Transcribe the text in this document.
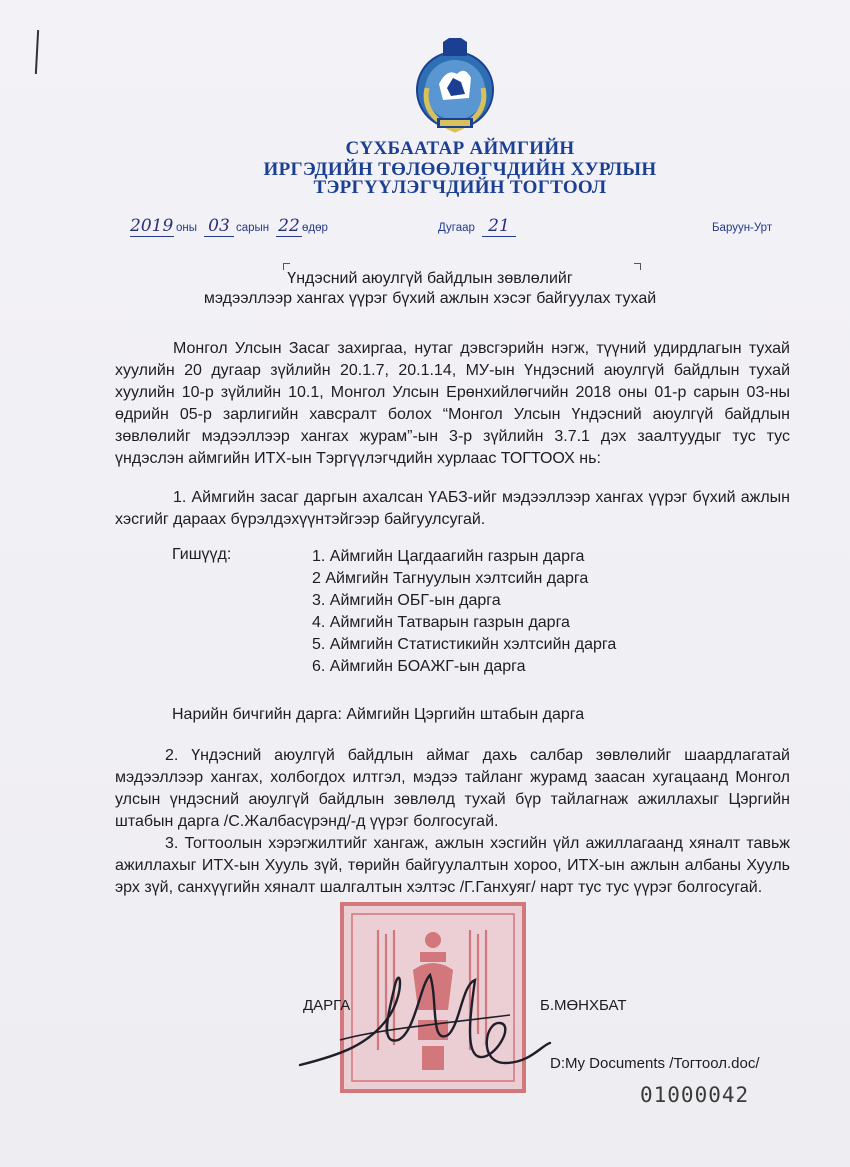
СҮХБААТАР АЙМГИЙН
ИРГЭДИЙН ТӨЛӨӨЛӨГЧДИЙН ХУРЛЫН
ТЭРГҮҮЛЭГЧДИЙН ТОГТООЛ
2019 оны 03 сарын 22 өдөр	Дугаар 21	Баруун-Урт
Үндэсний аюулгүй байдлын зөвлөлийг
мэдээллээр хангах үүрэг бүхий ажлын хэсэг байгуулах тухай
Монгол Улсын Засаг захиргаа, нутаг дэвсгэрийн нэгж, түүний удирдлагын тухай хуулийн 20 дугаар зүйлийн 20.1.7, 20.1.14, МУ-ын Үндэсний аюулгүй байдлын тухай хуулийн 10-р зүйлийн 10.1, Монгол Улсын Ерөнхийлөгчийн 2018 оны 01-р сарын 03-ны өдрийн 05-р зарлигийн хавсралт болох “Монгол Улсын Үндэсний аюулгүй байдлын зөвлөлийг мэдээллээр хангах журам”-ын 3-р зүйлийн 3.7.1 дэх заалтуудыг тус тус үндэслэн аймгийн ИТХ-ын Тэргүүлэгчдийн хурлаас ТОГТООХ нь:
1. Аймгийн засаг даргын ахалсан ҮАБЗ-ийг мэдээллээр хангах үүрэг бүхий ажлын хэсгийг дараах бүрэлдэхүүнтэйгээр байгуулсугай.
Гишүүд:	1. Аймгийн Цагдаагийн газрын дарга
2 Аймгийн Тагнуулын хэлтсийн дарга
3. Аймгийн ОБГ-ын дарга
4. Аймгийн Татварын газрын дарга
5. Аймгийн Статистикийн хэлтсийн дарга
6. Аймгийн БОАЖГ-ын дарга
Нарийн бичгийн дарга: Аймгийн Цэргийн штабын дарга
2. Үндэсний аюулгүй байдлын аймаг дахь салбар зөвлөлийг шаардлагатай мэдээллээр хангах, холбогдох илтгэл, мэдээ тайланг журамд заасан хугацаанд Монгол улсын үндэсний аюулгүй байдлын зөвлөлд тухай бүр тайлагнаж ажиллахыг Цэргийн штабын дарга /С.Жалбасүрэнд/-д үүрэг болгосугай.
3. Тогтоолын хэрэгжилтийг хангаж, ажлын хэсгийн үйл ажиллагаанд хяналт тавьж ажиллахыг ИТХ-ын Хууль зүй, төрийн байгуулалтын хороо, ИТХ-ын ажлын албаны Хууль эрх зүй, санхүүгийн хяналт шалгалтын хэлтэс /Г.Ганхуяг/ нарт тус тус үүрэг болгосугай.
ДАРГА	Б.МӨНХБАТ
D:My Documents /Тогтоол.doc/
01000042
